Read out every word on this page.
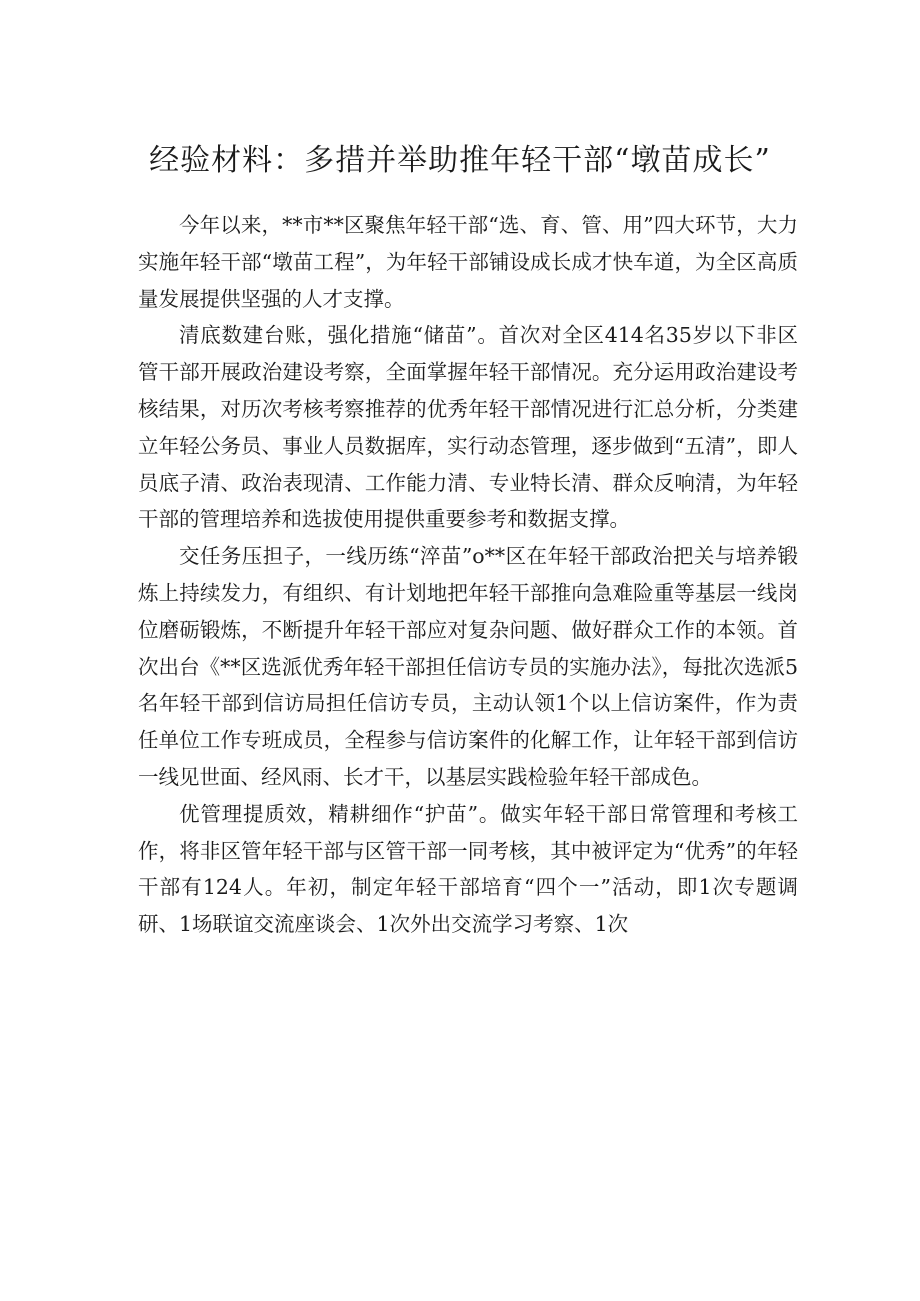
经验材料：多措并举助推年轻干部“墩苗成长”

今年以来，**市**区聚焦年轻干部“选、育、管、用”四大环节，大力实施年轻干部“墩苗工程”，为年轻干部铺设成长成才快车道，为全区高质量发展提供坚强的人才支撑。

清底数建台账，强化措施“储苗”。首次对全区414名35岁以下非区管干部开展政治建设考察，全面掌握年轻干部情况。充分运用政治建设考核结果，对历次考核考察推荐的优秀年轻干部情况进行汇总分析，分类建立年轻公务员、事业人员数据库，实行动态管理，逐步做到“五清”，即人员底子清、政治表现清、工作能力清、专业特长清、群众反响清，为年轻干部的管理培养和选拔使用提供重要参考和数据支撑。

交任务压担子，一线历练“淬苗”o**区在年轻干部政治把关与培养锻炼上持续发力，有组织、有计划地把年轻干部推向急难险重等基层一线岗位磨砺锻炼，不断提升年轻干部应对复杂问题、做好群众工作的本领。首次出台《**区选派优秀年轻干部担任信访专员的实施办法》，每批次选派5名年轻干部到信访局担任信访专员，主动认领1个以上信访案件，作为责任单位工作专班成员，全程参与信访案件的化解工作，让年轻干部到信访一线见世面、经风雨、长才干，以基层实践检验年轻干部成色。

优管理提质效，精耕细作“护苗”。做实年轻干部日常管理和考核工作，将非区管年轻干部与区管干部一同考核，其中被评定为“优秀”的年轻干部有124人。年初，制定年轻干部培育“四个一”活动，即1次专题调研、1场联谊交流座谈会、1次外出交流学习考察、1次
